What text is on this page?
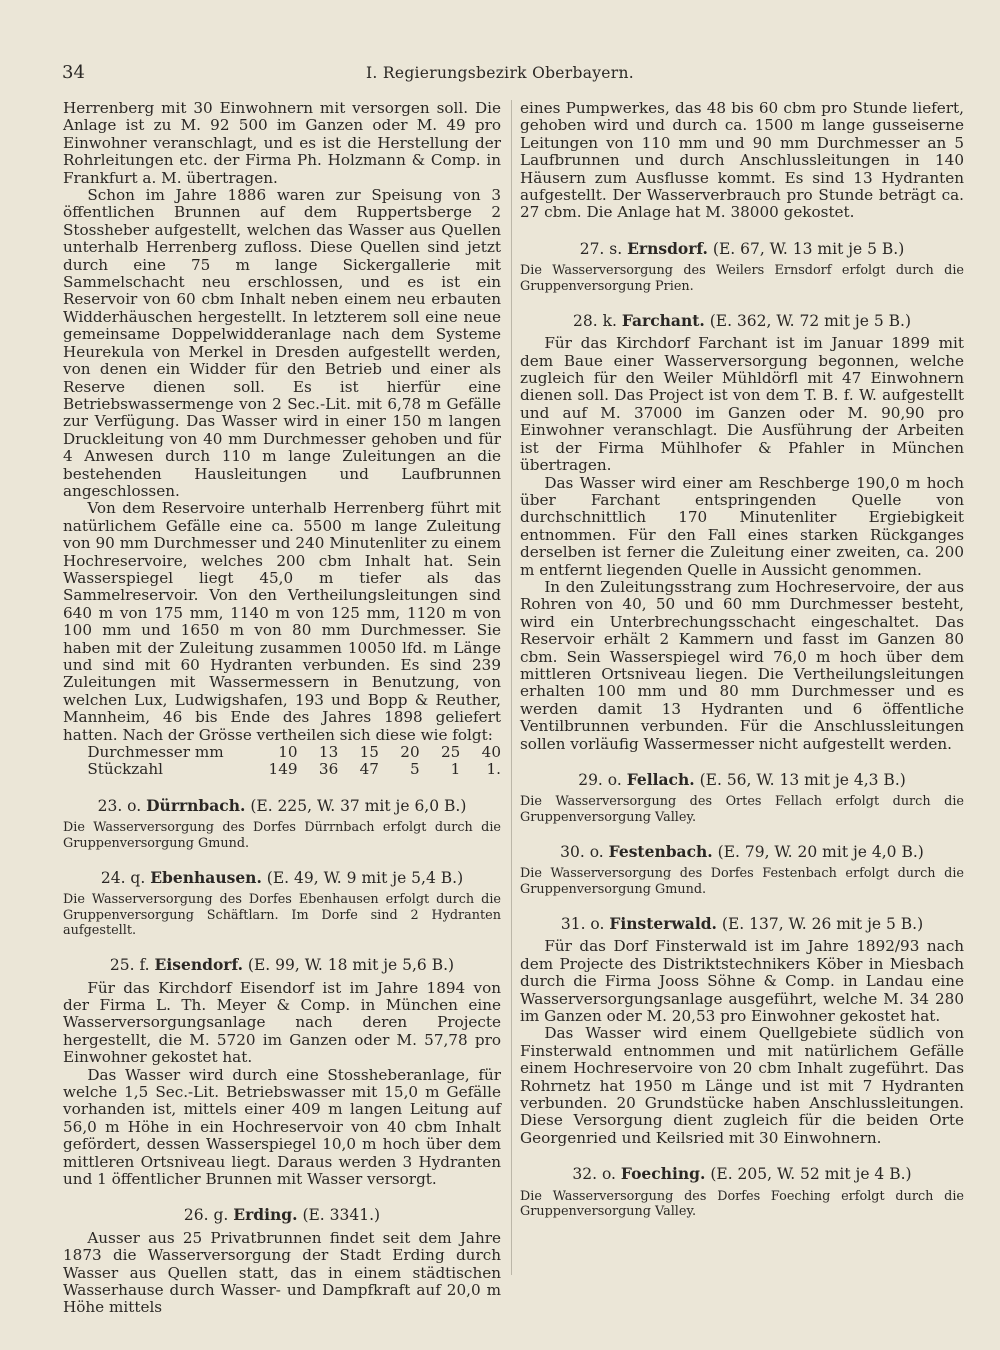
34	I. Regierungsbezirk Oberbayern.

Herrenberg mit 30 Einwohnern mit versorgen soll. Die Anlage ist zu M. 92 500 im Ganzen oder M. 49 pro Einwohner veranschlagt, und es ist die Herstellung der Rohrleitungen etc. der Firma Ph. Holzmann & Comp. in Frankfurt a. M. übertragen.

Schon im Jahre 1886 waren zur Speisung von 3 öffentlichen Brunnen auf dem Ruppertsberge 2 Stossheber aufgestellt, welchen das Wasser aus Quellen unterhalb Herrenberg zufloss. Diese Quellen sind jetzt durch eine 75 m lange Sickergallerie mit Sammelschacht neu erschlossen, und es ist ein Reservoir von 60 cbm Inhalt neben einem neu erbauten Widderhäuschen hergestellt. In letzterem soll eine neue gemeinsame Doppelwidderanlage nach dem Systeme Heurekula von Merkel in Dresden aufgestellt werden, von denen ein Widder für den Betrieb und einer als Reserve dienen soll. Es ist hierfür eine Betriebswassermenge von 2 Sec.-Lit. mit 6,78 m Gefälle zur Verfügung. Das Wasser wird in einer 150 m langen Druckleitung von 40 mm Durchmesser gehoben und für 4 Anwesen durch 110 m lange Zuleitungen an die bestehenden Hausleitungen und Laufbrunnen angeschlossen.

Von dem Reservoire unterhalb Herrenberg führt mit natürlichem Gefälle eine ca. 5500 m lange Zuleitung von 90 mm Durchmesser und 240 Minutenliter zu einem Hochreservoire, welches 200 cbm Inhalt hat. Sein Wasserspiegel liegt 45,0 m tiefer als das Sammelreservoir. Von den Vertheilungsleitungen sind 640 m von 175 mm, 1140 m von 125 mm, 1120 m von 100 mm und 1650 m von 80 mm Durchmesser. Sie haben mit der Zuleitung zusammen 10050 lfd. m Länge und sind mit 60 Hydranten verbunden. Es sind 239 Zuleitungen mit Wassermessern in Benutzung, von welchen Lux, Ludwigshafen, 193 und Bopp & Reuther, Mannheim, 46 bis Ende des Jahres 1898 geliefert hatten. Nach der Grösse vertheilen sich diese wie folgt:

Durchmesser mm	10	13	15	20	25	40
Stückzahl	149	36	47	5	1	1.
23. o. Dürrnbach. (E. 225, W. 37 mit je 6,0 B.)

Die Wasserversorgung des Dorfes Dürrnbach erfolgt durch die Gruppenversorgung Gmund.

24. q. Ebenhausen. (E. 49, W. 9 mit je 5,4 B.)

Die Wasserversorgung des Dorfes Ebenhausen erfolgt durch die Gruppenversorgung Schäftlarn. Im Dorfe sind 2 Hydranten aufgestellt.

25. f. Eisendorf. (E. 99, W. 18 mit je 5,6 B.)

Für das Kirchdorf Eisendorf ist im Jahre 1894 von der Firma L. Th. Meyer & Comp. in München eine Wasserversorgungsanlage nach deren Projecte hergestellt, die M. 5720 im Ganzen oder M. 57,78 pro Einwohner gekostet hat.

Das Wasser wird durch eine Stossheberanlage, für welche 1,5 Sec.-Lit. Betriebswasser mit 15,0 m Gefälle vorhanden ist, mittels einer 409 m langen Leitung auf 56,0 m Höhe in ein Hochreservoir von 40 cbm Inhalt gefördert, dessen Wasserspiegel 10,0 m hoch über dem mittleren Ortsniveau liegt. Daraus werden 3 Hydranten und 1 öffentlicher Brunnen mit Wasser versorgt.

26. g. Erding. (E. 3341.)

Ausser aus 25 Privatbrunnen findet seit dem Jahre 1873 die Wasserversorgung der Stadt Erding durch Wasser aus Quellen statt, das in einem städtischen Wasserhause durch Wasser- und Dampfkraft auf 20,0 m Höhe mittels

eines Pumpwerkes, das 48 bis 60 cbm pro Stunde liefert, gehoben wird und durch ca. 1500 m lange gusseiserne Leitungen von 110 mm und 90 mm Durchmesser an 5 Laufbrunnen und durch Anschlussleitungen in 140 Häusern zum Ausflusse kommt. Es sind 13 Hydranten aufgestellt. Der Wasserverbrauch pro Stunde beträgt ca. 27 cbm. Die Anlage hat M. 38000 gekostet.

27. s. Ernsdorf. (E. 67, W. 13 mit je 5 B.)

Die Wasserversorgung des Weilers Ernsdorf erfolgt durch die Gruppenversorgung Prien.

28. k. Farchant. (E. 362, W. 72 mit je 5 B.)

Für das Kirchdorf Farchant ist im Januar 1899 mit dem Baue einer Wasserversorgung begonnen, welche zugleich für den Weiler Mühldörfl mit 47 Einwohnern dienen soll. Das Project ist von dem T. B. f. W. aufgestellt und auf M. 37000 im Ganzen oder M. 90,90 pro Einwohner veranschlagt. Die Ausführung der Arbeiten ist der Firma Mühlhofer & Pfahler in München übertragen.

Das Wasser wird einer am Reschberge 190,0 m hoch über Farchant entspringenden Quelle von durchschnittlich 170 Minutenliter Ergiebigkeit entnommen. Für den Fall eines starken Rückganges derselben ist ferner die Zuleitung einer zweiten, ca. 200 m entfernt liegenden Quelle in Aussicht genommen.

In den Zuleitungsstrang zum Hochreservoire, der aus Rohren von 40, 50 und 60 mm Durchmesser besteht, wird ein Unterbrechungsschacht eingeschaltet. Das Reservoir erhält 2 Kammern und fasst im Ganzen 80 cbm. Sein Wasserspiegel wird 76,0 m hoch über dem mittleren Ortsniveau liegen. Die Vertheilungsleitungen erhalten 100 mm und 80 mm Durchmesser und es werden damit 13 Hydranten und 6 öffentliche Ventilbrunnen verbunden. Für die Anschlussleitungen sollen vorläufig Wassermesser nicht aufgestellt werden.

29. o. Fellach. (E. 56, W. 13 mit je 4,3 B.)

Die Wasserversorgung des Ortes Fellach erfolgt durch die Gruppenversorgung Valley.

30. o. Festenbach. (E. 79, W. 20 mit je 4,0 B.)

Die Wasserversorgung des Dorfes Festenbach erfolgt durch die Gruppenversorgung Gmund.

31. o. Finsterwald. (E. 137, W. 26 mit je 5 B.)

Für das Dorf Finsterwald ist im Jahre 1892/93 nach dem Projecte des Distriktstechnikers Köber in Miesbach durch die Firma Jooss Söhne & Comp. in Landau eine Wasserversorgungsanlage ausgeführt, welche M. 34 280 im Ganzen oder M. 20,53 pro Einwohner gekostet hat.

Das Wasser wird einem Quellgebiete südlich von Finsterwald entnommen und mit natürlichem Gefälle einem Hochreservoire von 20 cbm Inhalt zugeführt. Das Rohrnetz hat 1950 m Länge und ist mit 7 Hydranten verbunden. 20 Grundstücke haben Anschlussleitungen. Diese Versorgung dient zugleich für die beiden Orte Georgenried und Keilsried mit 30 Einwohnern.

32. o. Foeching. (E. 205, W. 52 mit je 4 B.)

Die Wasserversorgung des Dorfes Foeching erfolgt durch die Gruppenversorgung Valley.
